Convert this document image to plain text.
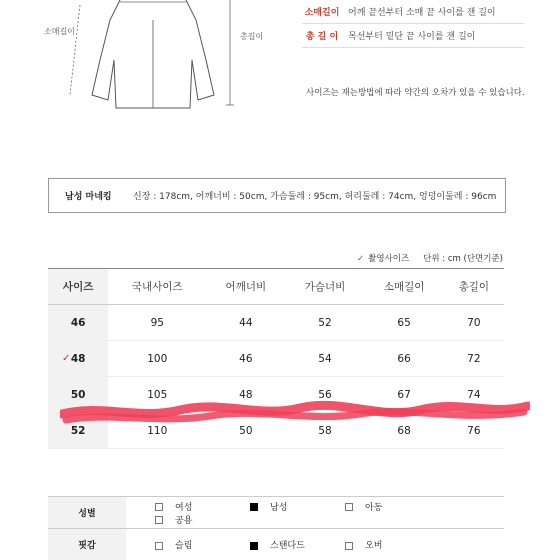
소매길이
총길이
소매길이 어깨 끝선부터 소매 끝 사이를 잰 길이
총 길 이	목선부터 밑단 끝 사이를 잰 길이
사이즈는 재는방법에 따라 약간의 오차가 있을 수 있습니다.
남성 마네킹	신장 : 178cm, 어깨너비 : 50cm, 가슴둘레 : 95cm, 허리둘레 : 74cm, 엉덩이둘레 : 96cm
✓ 촬영사이즈 단위 : cm (단면기준)
사이즈	국내사이즈	어깨너비	가슴너비	소매길이	총길이
46	95	44	52	65	70

✓ 48	100	46	54	66	72
50	105	48	56	67	74
52	110	50	58	68	76
성별	여성 남성 아동공용
핏감	슬림 스탠다드 오버
